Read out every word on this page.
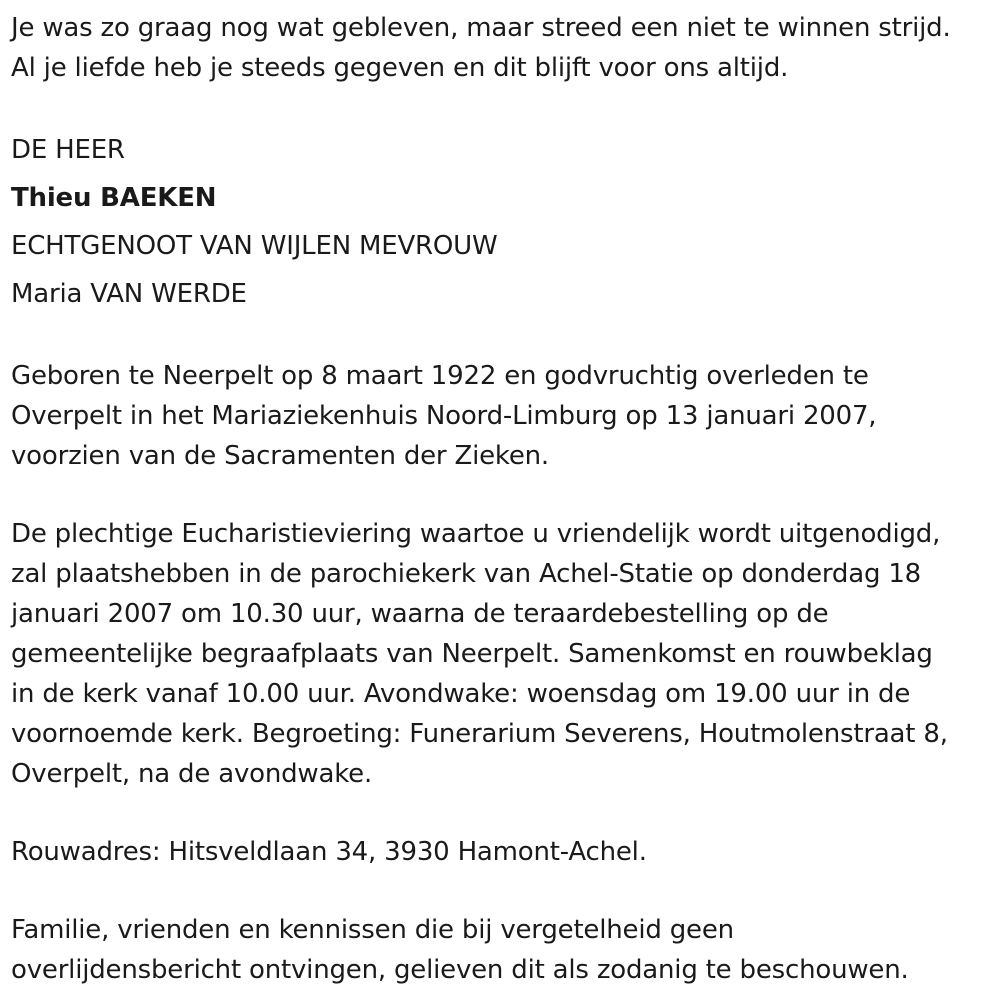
Je was zo graag nog wat gebleven, maar streed een niet te winnen strijd.
Al je liefde heb je steeds gegeven en dit blijft voor ons altijd.
DE HEER
Thieu BAEKEN
ECHTGENOOT VAN WIJLEN MEVROUW
Maria VAN WERDE
Geboren te Neerpelt op 8 maart 1922 en godvruchtig overleden te
Overpelt in het Mariaziekenhuis Noord-Limburg op 13 januari 2007,
voorzien van de Sacramenten der Zieken.
De plechtige Eucharistieviering waartoe u vriendelijk wordt uitgenodigd,
zal plaatshebben in de parochiekerk van Achel-Statie op donderdag 18
januari 2007 om 10.30 uur, waarna de teraardebestelling op de
gemeentelijke begraafplaats van Neerpelt. Samenkomst en rouwbeklag
in de kerk vanaf 10.00 uur. Avondwake: woensdag om 19.00 uur in de
voornoemde kerk. Begroeting: Funerarium Severens, Houtmolenstraat 8,
Overpelt, na de avondwake.
Rouwadres: Hitsveldlaan 34, 3930 Hamont-Achel.
Familie, vrienden en kennissen die bij vergetelheid geen
overlijdensbericht ontvingen, gelieven dit als zodanig te beschouwen.
